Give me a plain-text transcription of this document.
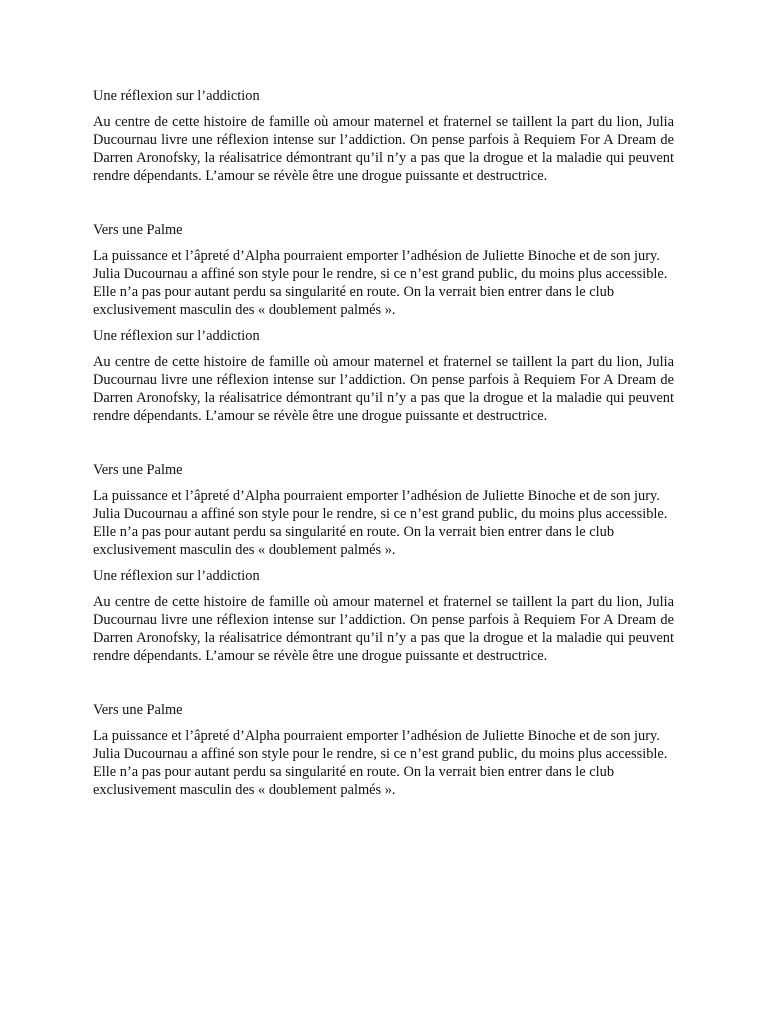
Une réflexion sur l’addiction

Au centre de cette histoire de famille où amour maternel et fraternel se taillent la part du lion, Julia Ducournau livre une réflexion intense sur l’addiction. On pense parfois à Requiem For A Dream de Darren Aronofsky, la réalisatrice démontrant qu’il n’y a pas que la drogue et la maladie qui peuvent rendre dépendants. L’amour se révèle être une drogue puissante et destructrice.

Vers une Palme

La puissance et l’âpreté d’Alpha pourraient emporter l’adhésion de Juliette Binoche et de son jury. Julia Ducournau a affiné son style pour le rendre, si ce n’est grand public, du moins plus accessible. Elle n’a pas pour autant perdu sa singularité en route. On la verrait bien entrer dans le club exclusivement masculin des « doublement palmés ».

Une réflexion sur l’addiction

Au centre de cette histoire de famille où amour maternel et fraternel se taillent la part du lion, Julia Ducournau livre une réflexion intense sur l’addiction. On pense parfois à Requiem For A Dream de Darren Aronofsky, la réalisatrice démontrant qu’il n’y a pas que la drogue et la maladie qui peuvent rendre dépendants. L’amour se révèle être une drogue puissante et destructrice.

Vers une Palme

La puissance et l’âpreté d’Alpha pourraient emporter l’adhésion de Juliette Binoche et de son jury. Julia Ducournau a affiné son style pour le rendre, si ce n’est grand public, du moins plus accessible. Elle n’a pas pour autant perdu sa singularité en route. On la verrait bien entrer dans le club exclusivement masculin des « doublement palmés ».

Une réflexion sur l’addiction

Au centre de cette histoire de famille où amour maternel et fraternel se taillent la part du lion, Julia Ducournau livre une réflexion intense sur l’addiction. On pense parfois à Requiem For A Dream de Darren Aronofsky, la réalisatrice démontrant qu’il n’y a pas que la drogue et la maladie qui peuvent rendre dépendants. L’amour se révèle être une drogue puissante et destructrice.

Vers une Palme

La puissance et l’âpreté d’Alpha pourraient emporter l’adhésion de Juliette Binoche et de son jury. Julia Ducournau a affiné son style pour le rendre, si ce n’est grand public, du moins plus accessible. Elle n’a pas pour autant perdu sa singularité en route. On la verrait bien entrer dans le club exclusivement masculin des « doublement palmés ».
